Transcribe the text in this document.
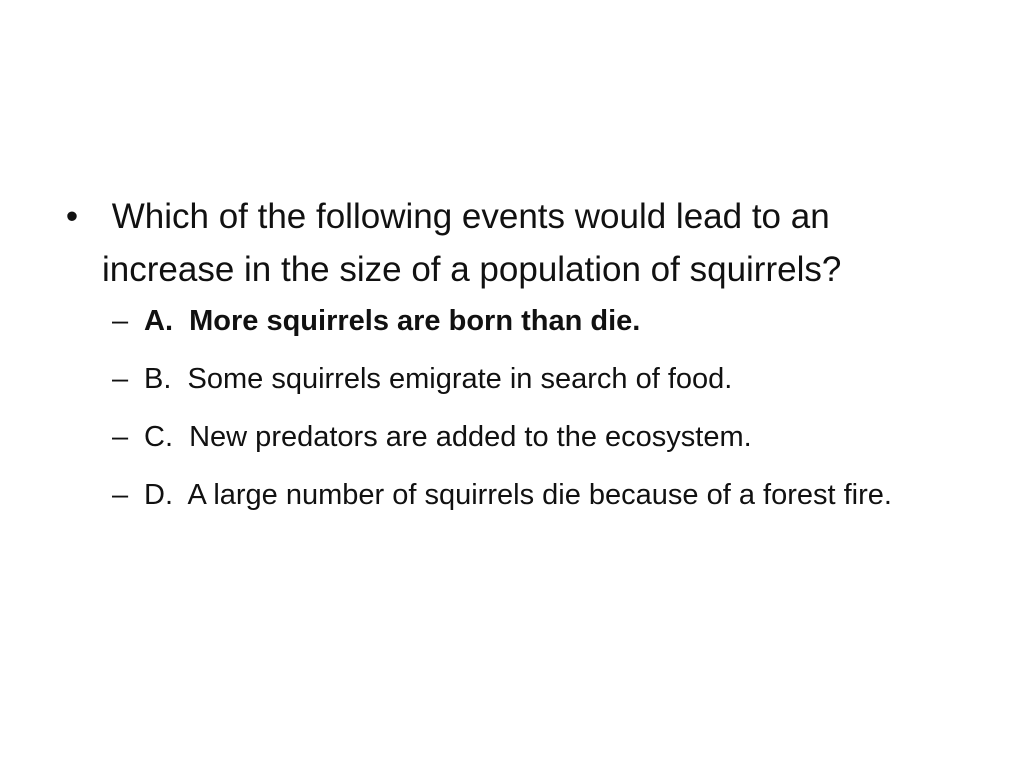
• Which of the following events would lead to an increase in the size of a population of squirrels?
– A.  More squirrels are born than die.
– B.  Some squirrels emigrate in search of food.
– C.  New predators are added to the ecosystem.
– D.  A large number of squirrels die because of a forest fire.
